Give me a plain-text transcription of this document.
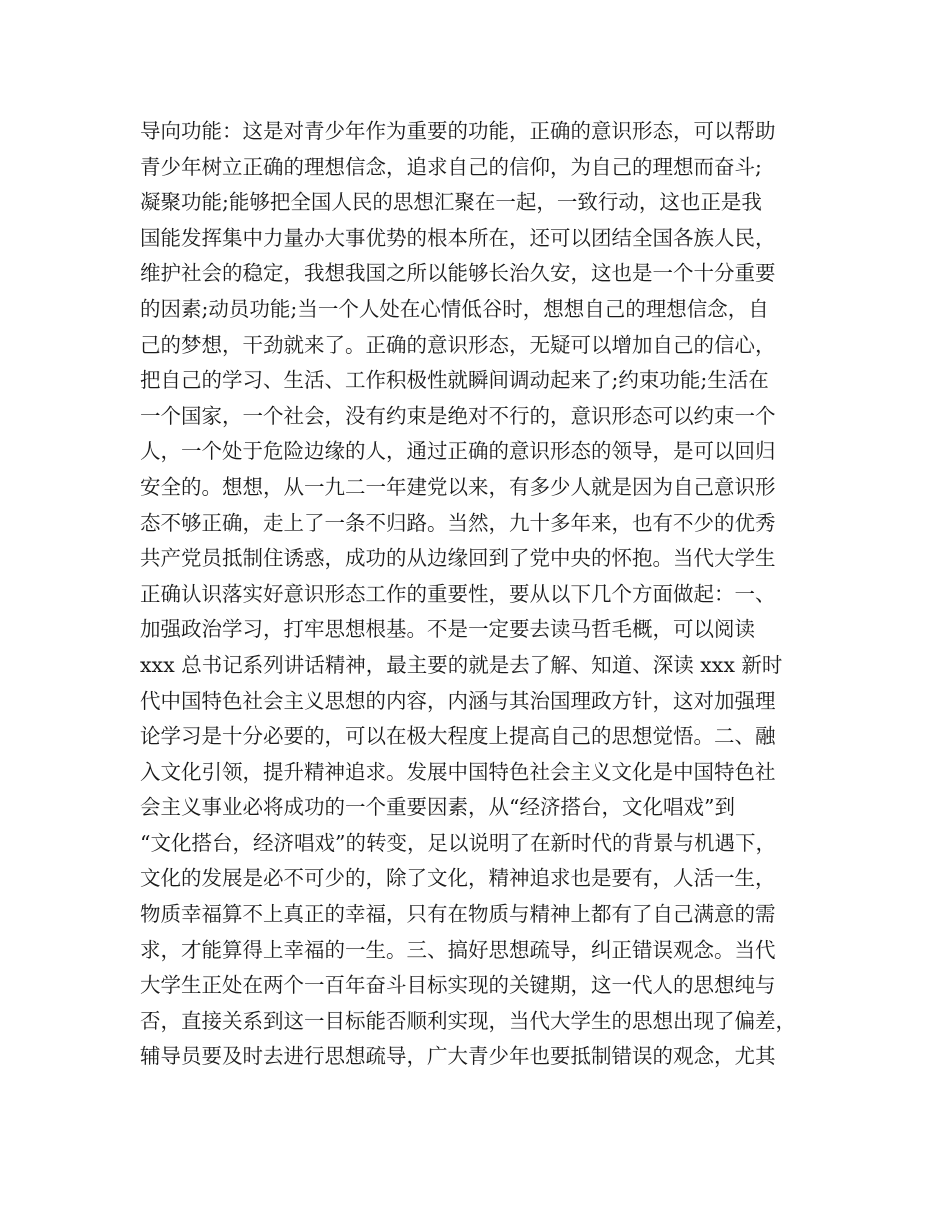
导向功能：这是对青少年作为重要的功能，正确的意识形态，可以帮助
青少年树立正确的理想信念，追求自己的信仰，为自己的理想而奋斗;
凝聚功能;能够把全国人民的思想汇聚在一起，一致行动，这也正是我
国能发挥集中力量办大事优势的根本所在，还可以团结全国各族人民，
维护社会的稳定，我想我国之所以能够长治久安，这也是一个十分重要
的因素;动员功能;当一个人处在心情低谷时，想想自己的理想信念，自
己的梦想，干劲就来了。正确的意识形态，无疑可以增加自己的信心，
把自己的学习、生活、工作积极性就瞬间调动起来了;约束功能;生活在
一个国家，一个社会，没有约束是绝对不行的，意识形态可以约束一个
人，一个处于危险边缘的人，通过正确的意识形态的领导，是可以回归
安全的。想想，从一九二一年建党以来，有多少人就是因为自己意识形
态不够正确，走上了一条不归路。当然，九十多年来，也有不少的优秀
共产党员抵制住诱惑，成功的从边缘回到了党中央的怀抱。当代大学生
正确认识落实好意识形态工作的重要性，要从以下几个方面做起：一、
加强政治学习，打牢思想根基。不是一定要去读马哲毛概，可以阅读
xxx 总书记系列讲话精神，最主要的就是去了解、知道、深读 xxx 新时
代中国特色社会主义思想的内容，内涵与其治国理政方针，这对加强理
论学习是十分必要的，可以在极大程度上提高自己的思想觉悟。二、融
入文化引领，提升精神追求。发展中国特色社会主义文化是中国特色社
会主义事业必将成功的一个重要因素，从“经济搭台，文化唱戏”到
“文化搭台，经济唱戏”的转变，足以说明了在新时代的背景与机遇下，
文化的发展是必不可少的，除了文化，精神追求也是要有，人活一生，
物质幸福算不上真正的幸福，只有在物质与精神上都有了自己满意的需
求，才能算得上幸福的一生。三、搞好思想疏导，纠正错误观念。当代
大学生正处在两个一百年奋斗目标实现的关键期，这一代人的思想纯与
否，直接关系到这一目标能否顺利实现，当代大学生的思想出现了偏差，
辅导员要及时去进行思想疏导，广大青少年也要抵制错误的观念，尤其
